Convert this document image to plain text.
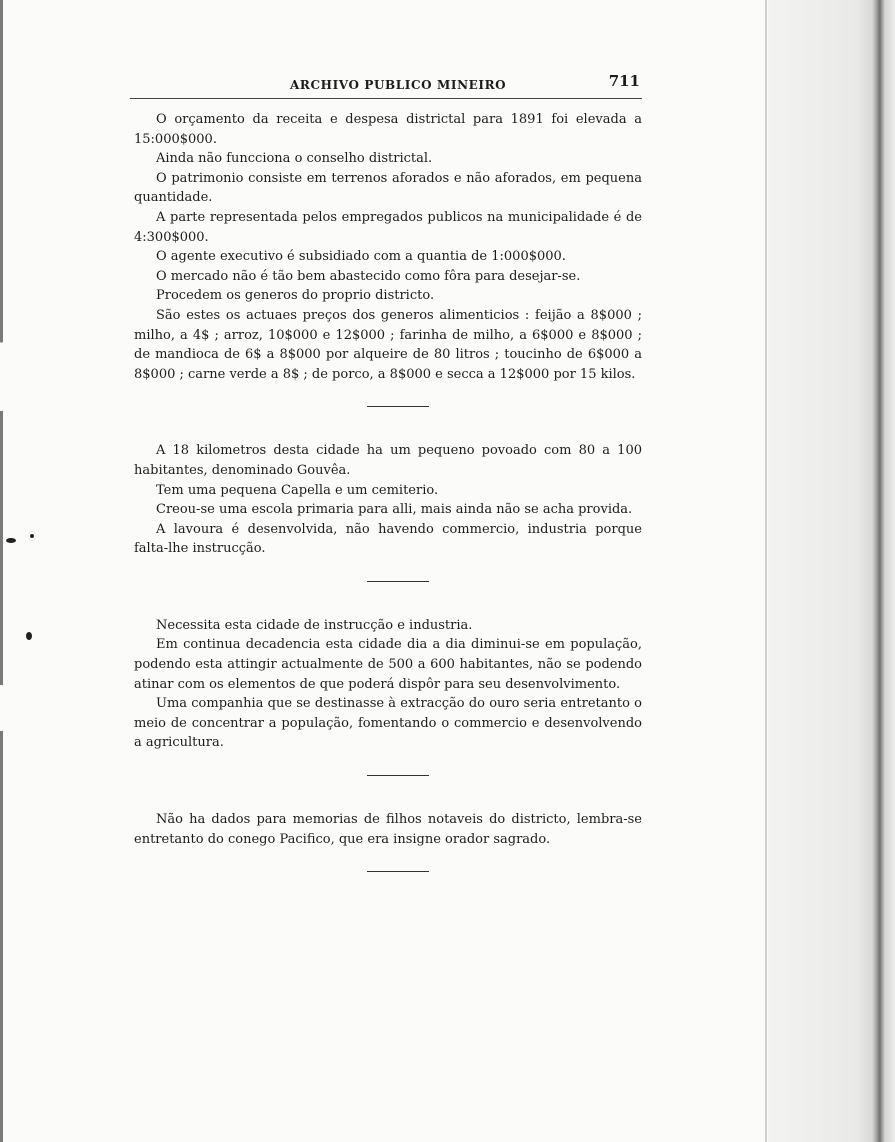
ARCHIVO PUBLICO MINEIRO	711

O orçamento da receita e despesa districtal para 1891 foi elevada a 15:000$000.

Ainda não funcciona o conselho districtal.

O patrimonio consiste em terrenos aforados e não aforados, em pequena quantidade.

A parte representada pelos empregados publicos na municipalidade é de 4:300$000.

O agente executivo é subsidiado com a quantia de 1:000$000.

O mercado não é tão bem abastecido como fôra para desejar-se.

Procedem os generos do proprio districto.

São estes os actuaes preços dos generos alimenticios : feijão a 8$000 ; milho, a 4$ ; arroz, 10$000 e 12$000 ; farinha de milho, a 6$000 e 8$000 ; de mandioca de 6$ a 8$000 por alqueire de 80 litros ; toucinho de 6$000 a 8$000 ; carne verde a 8$ ; de porco, a 8$000 e secca a 12$000 por 15 kilos.

A 18 kilometros desta cidade ha um pequeno povoado com 80 a 100 habitantes, denominado Gouvêa.

Tem uma pequena Capella e um cemiterio.

Creou-se uma escola primaria para alli, mais ainda não se acha provida.

A lavoura é desenvolvida, não havendo commercio, industria porque falta-lhe instrucção.

Necessita esta cidade de instrucção e industria.

Em continua decadencia esta cidade dia a dia diminui-se em população, podendo esta attingir actualmente de 500 a 600 habitantes, não se podendo atinar com os elementos de que poderá dispôr para seu desenvolvimento.

Uma companhia que se destinasse à extracção do ouro seria entretanto o meio de concentrar a população, fomentando o commercio e desenvolvendo a agricultura.

Não ha dados para memorias de filhos notaveis do districto, lembra-se entretanto do conego Pacifico, que era insigne orador sagrado.
